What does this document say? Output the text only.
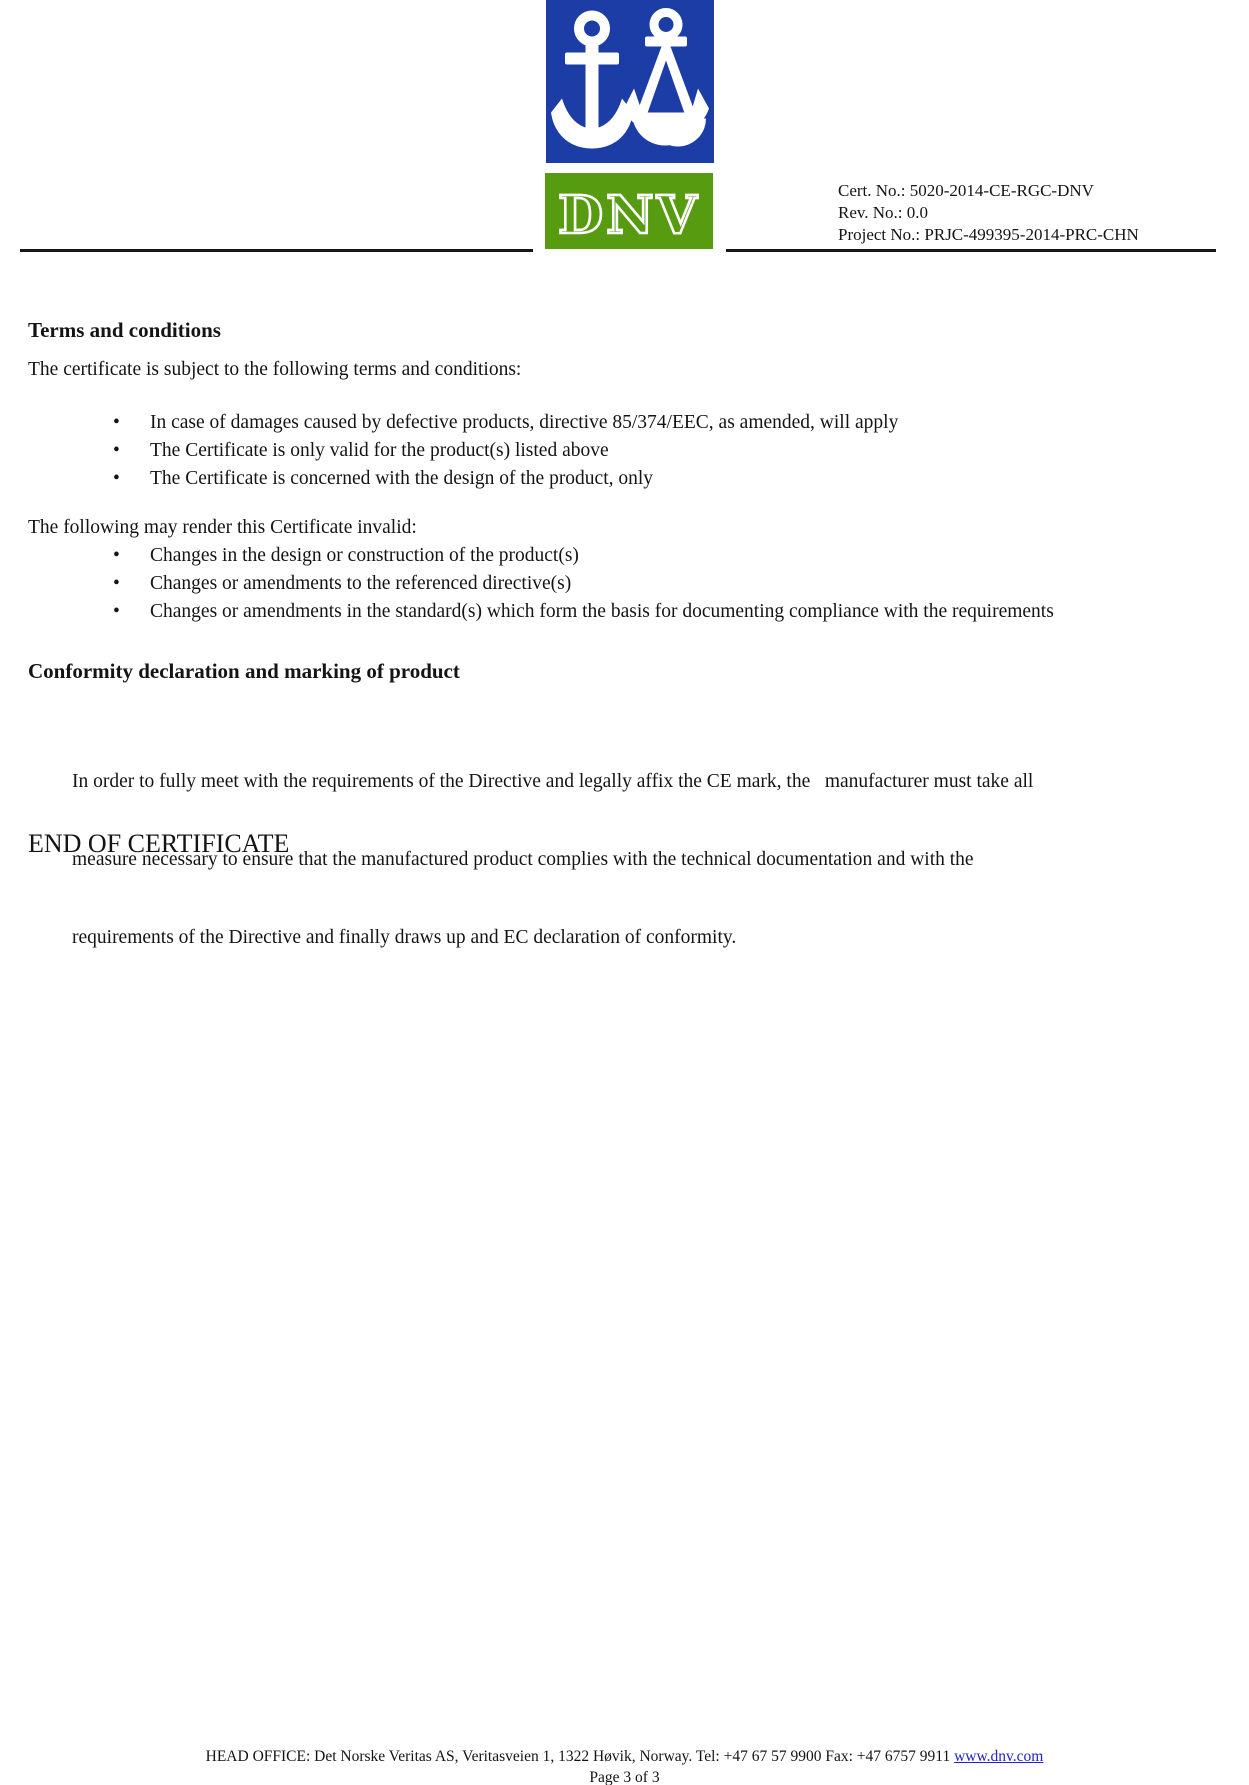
DNV	Cert. No.: 5020-2014-CE-RGC-DNV
Rev. No.: 0.0
Project No.: PRJC-499395-2014-PRC-CHN
Terms and conditions
The certificate is subject to the following terms and conditions:
•	In case of damages caused by defective products, directive 85/374/EEC, as amended, will apply
•	The Certificate is only valid for the product(s) listed above
•	The Certificate is concerned with the design of the product, only
The following may render this Certificate invalid:
•	Changes in the design or construction of the product(s)
•	Changes or amendments to the referenced directive(s)
•	Changes or amendments in the standard(s) which form the basis for documenting compliance with the requirements
Conformity declaration and marking of product

In order to fully meet with the requirements of the Directive and legally affix the CE mark, the   manufacturer must take all

measure necessary to ensure that the manufactured product complies with the technical documentation and with the

requirements of the Directive and finally draws up and EC declaration of conformity.

END OF CERTIFICATE
HEAD OFFICE: Det Norske Veritas AS, Veritasveien 1, 1322 Høvik, Norway. Tel: +47 67 57 9900 Fax: +47 6757 9911 www.dnv.com
Page 3 of 3
